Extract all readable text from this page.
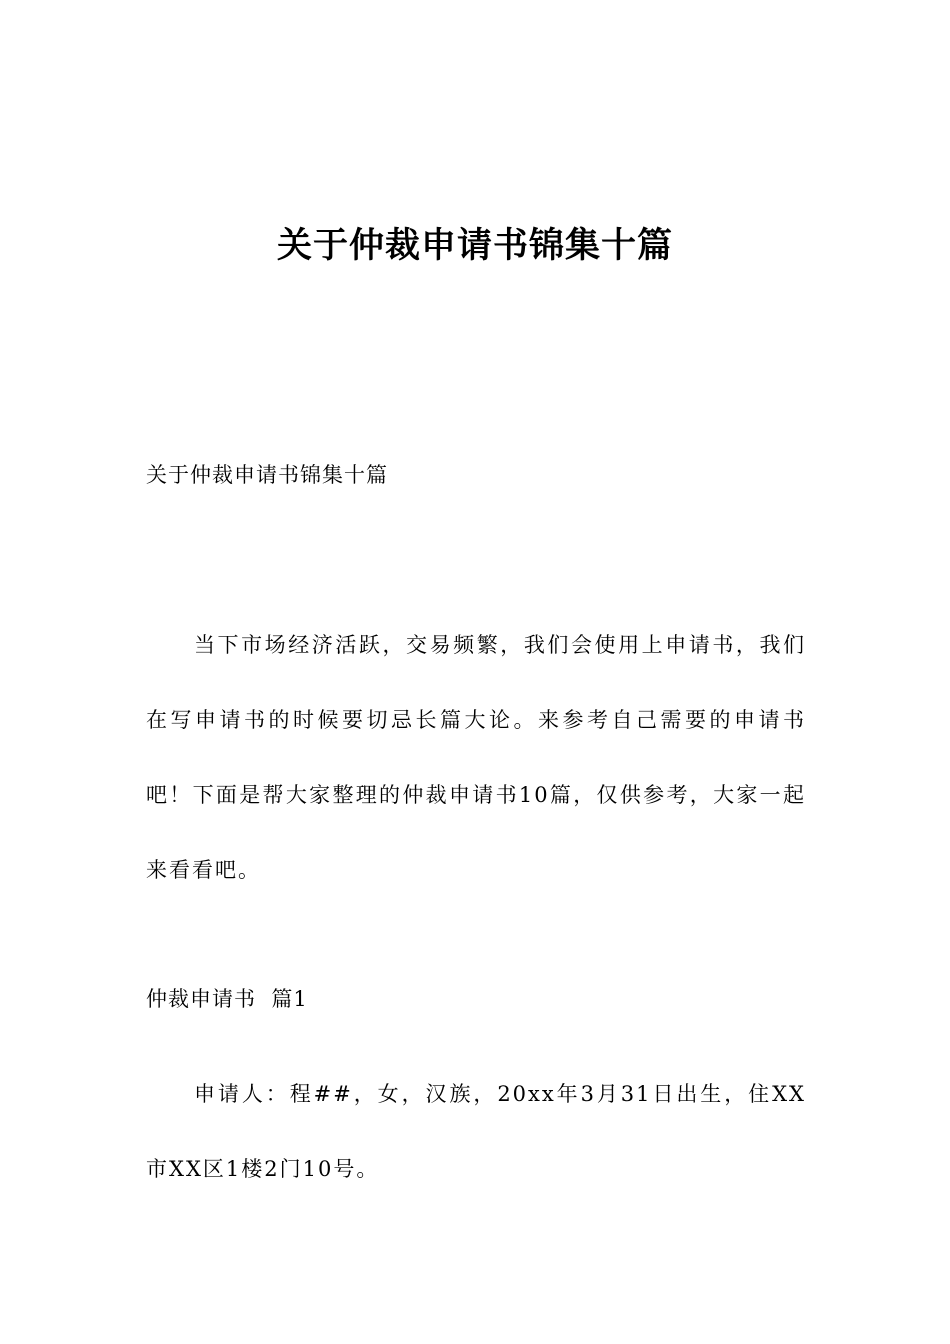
关于仲裁申请书锦集十篇
关于仲裁申请书锦集十篇

当下市场经济活跃，交易频繁，我们会使用上申请书，我们在写申请书的时候要切忌长篇大论。来参考自己需要的申请书吧！下面是帮大家整理的仲裁申请书10篇，仅供参考，大家一起来看看吧。

仲裁申请书  篇1

申请人：程##，女，汉族，20xx年3月31日出生，住XX市XX区1楼2门10号。
